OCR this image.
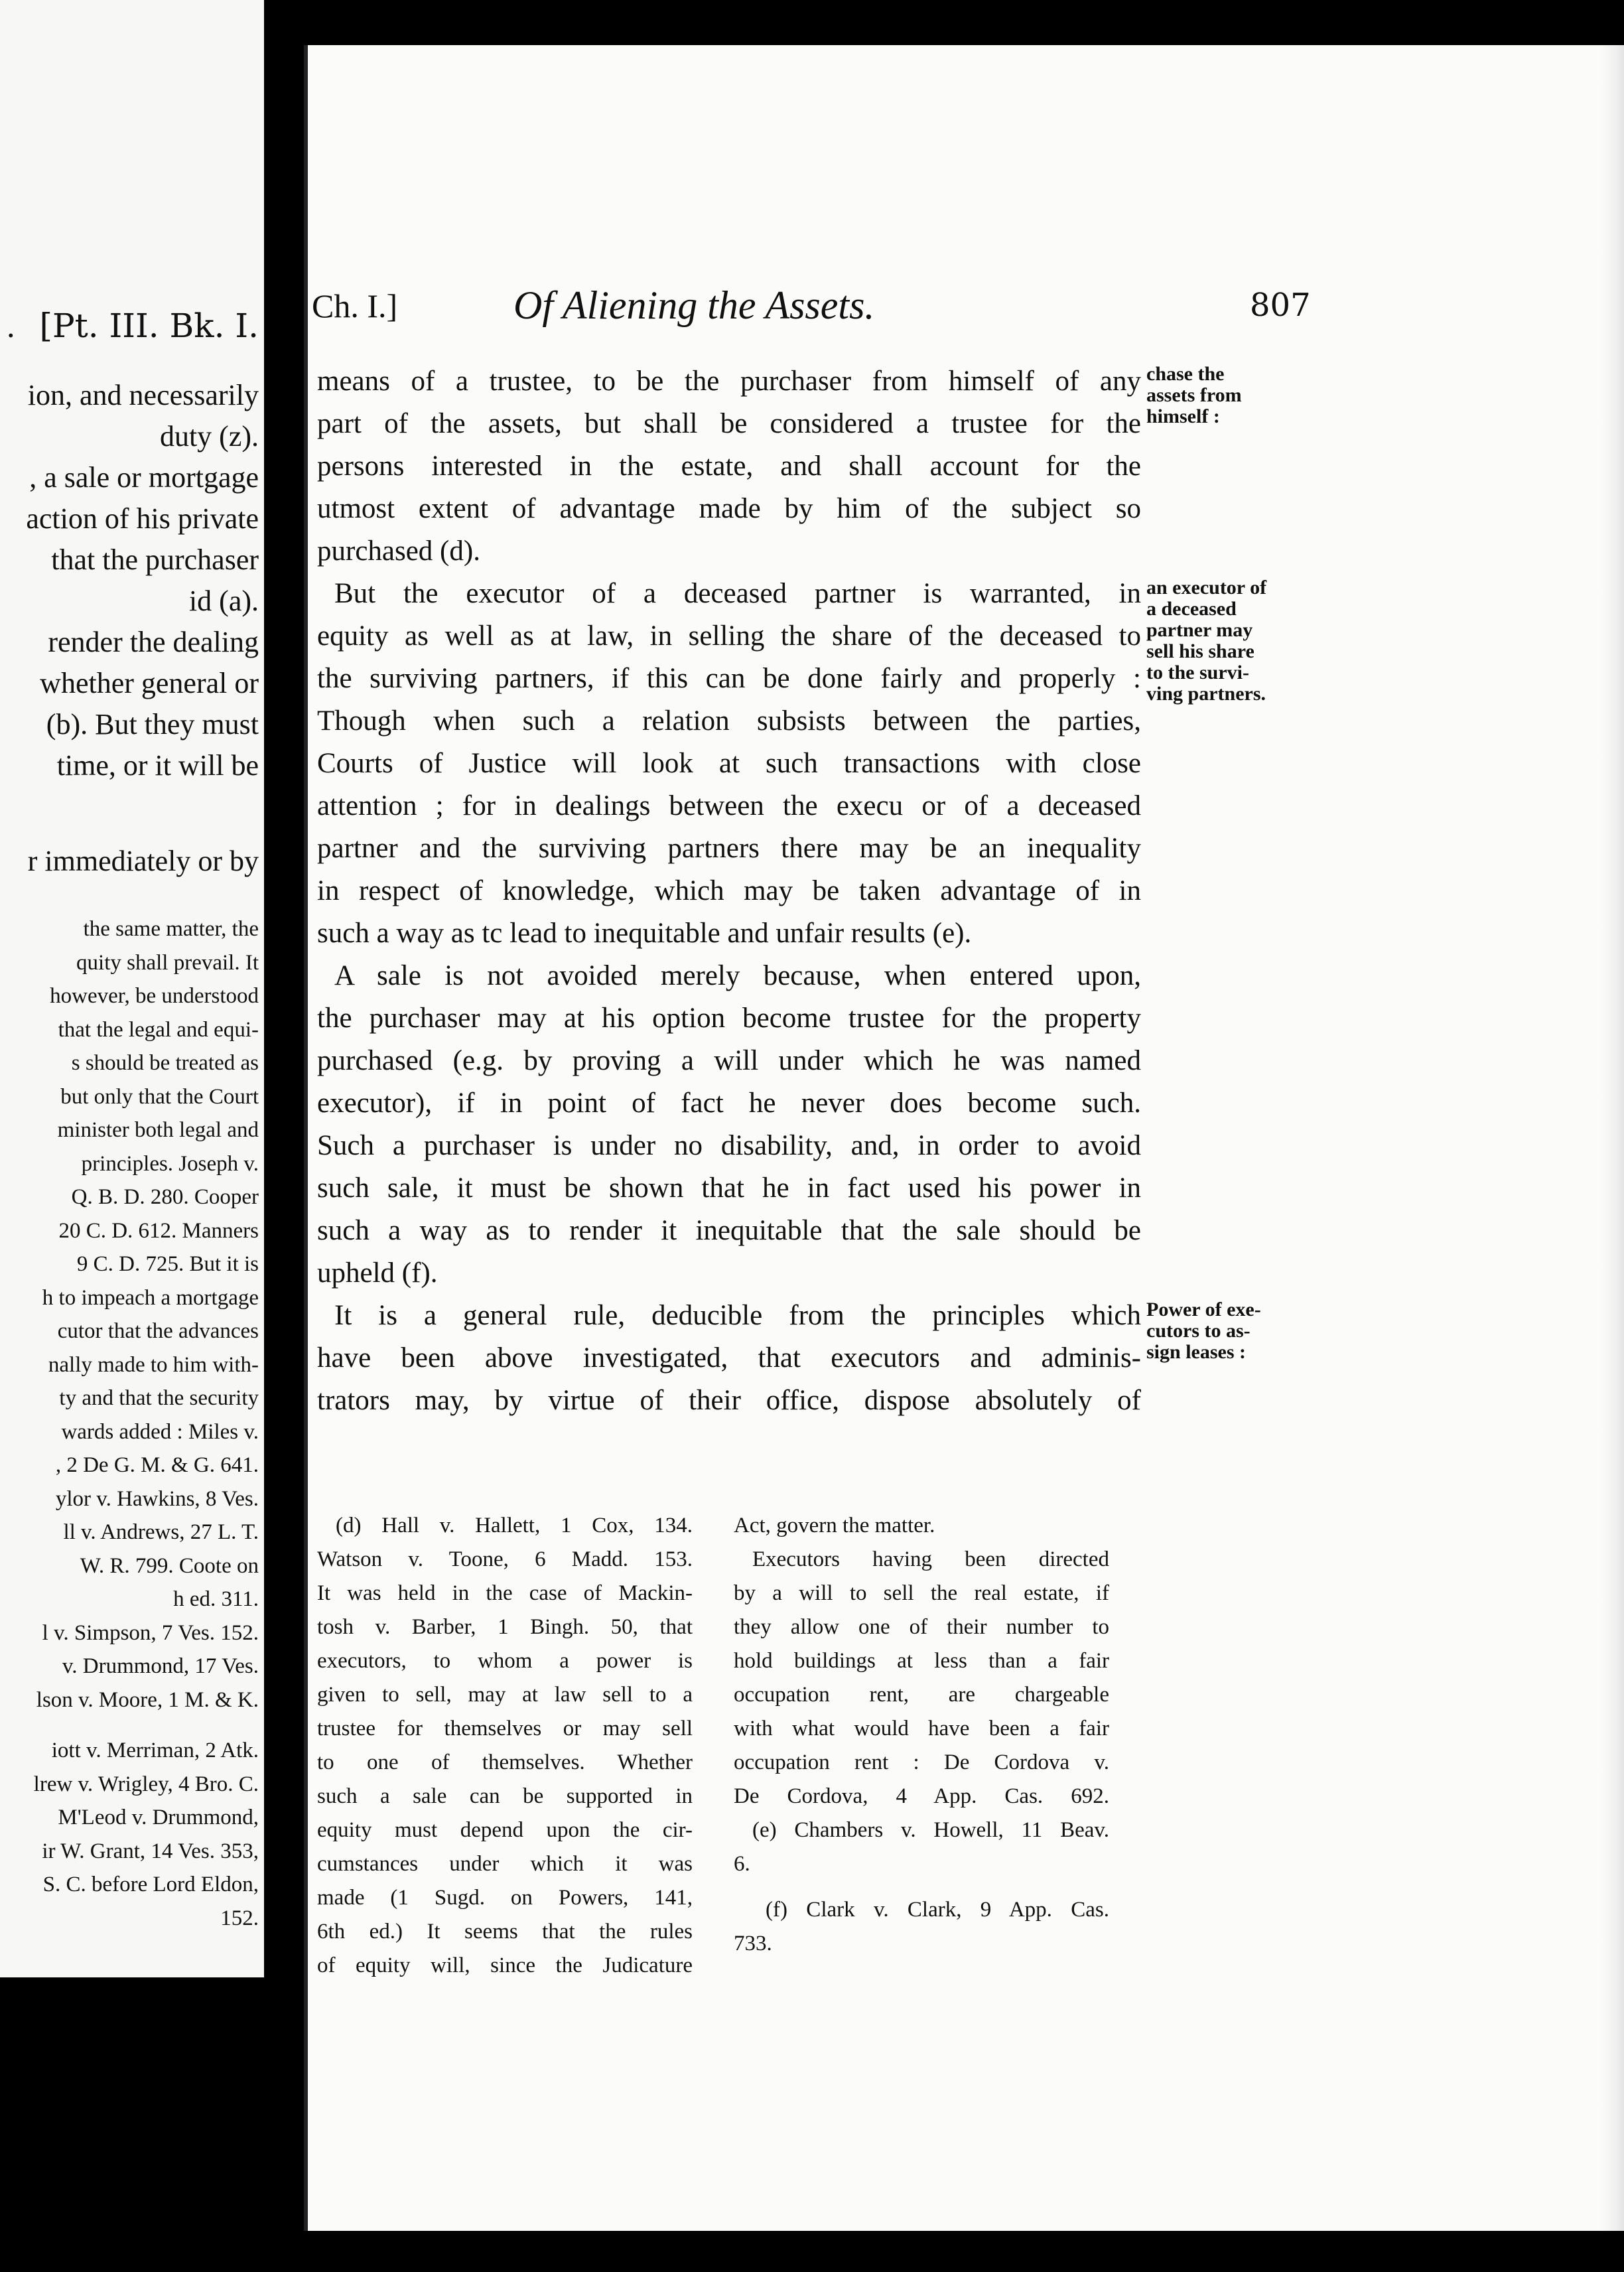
. [Pt. III. Bk. I.
ion, and necessarily
duty (z).
, a sale or mortgage
action of his private
that the purchaser
id (a).
render the dealing
whether general or
(b). But they must
time, or it will be
r immediately or by
the same matter, the
quity shall prevail. It
however, be understood
that the legal and equi-
s should be treated as
but only that the Court
minister both legal and
principles. Joseph v.
Q. B. D. 280. Cooper
20 C. D. 612. Manners
9 C. D. 725. But it is
h to impeach a mortgage
cutor that the advances
nally made to him with-
ty and that the security
wards added : Miles v.
, 2 De G. M. & G. 641.
ylor v. Hawkins, 8 Ves.
ll v. Andrews, 27 L. T.
W. R. 799. Coote on
h ed. 311.
l v. Simpson, 7 Ves. 152.
v. Drummond, 17 Ves.
lson v. Moore, 1 M. & K.
iott v. Merriman, 2 Atk.
lrew v. Wrigley, 4 Bro. C.
M'Leod v. Drummond,
ir W. Grant, 14 Ves. 353,
S. C. before Lord Eldon,
152.
Ch. I.]	Of Aliening the Assets.	807
means of a trustee, to be the purchaser from himself of any
part of the assets, but shall be considered a trustee for the
persons interested in the estate, and shall account for the
utmost extent of advantage made by him of the subject so
purchased (d).
But the executor of a deceased partner is warranted, in
equity as well as at law, in selling the share of the deceased to
the surviving partners, if this can be done fairly and properly :
Though when such a relation subsists between the parties,
Courts of Justice will look at such transactions with close
attention ; for in dealings between the execu or of a deceased
partner and the surviving partners there may be an inequality
in respect of knowledge, which may be taken advantage of in
such a way as tc lead to inequitable and unfair results (e).
A sale is not avoided merely because, when entered upon,
the purchaser may at his option become trustee for the property
purchased (e.g. by proving a will under which he was named
executor), if in point of fact he never does become such.
Such a purchaser is under no disability, and, in order to avoid
such sale, it must be shown that he in fact used his power in
such a way as to render it inequitable that the sale should be
upheld (f).
It is a general rule, deducible from the principles which
have been above investigated, that executors and adminis-
trators may, by virtue of their office, dispose absolutely of
chase the
assets from
himself :
an executor of
a deceased
partner may
sell his share
to the survi-
ving partners.
Power of exe-
cutors to as-
sign leases :
(d) Hall v. Hallett, 1 Cox, 134.
Watson v. Toone, 6 Madd. 153.
It was held in the case of Mackin-
tosh v. Barber, 1 Bingh. 50, that
executors, to whom a power is
given to sell, may at law sell to a
trustee for themselves or may sell
to one of themselves. Whether
such a sale can be supported in
equity must depend upon the cir-
cumstances under which it was
made (1 Sugd. on Powers, 141,
6th ed.) It seems that the rules
of equity will, since the Judicature
Act, govern the matter.
Executors having been directed
by a will to sell the real estate, if
they allow one of their number to
hold buildings at less than a fair
occupation rent, are chargeable
with what would have been a fair
occupation rent : De Cordova v.
De Cordova, 4 App. Cas. 692.
(e) Chambers v. Howell, 11 Beav.
6.
(f) Clark v. Clark, 9 App. Cas.
733.
